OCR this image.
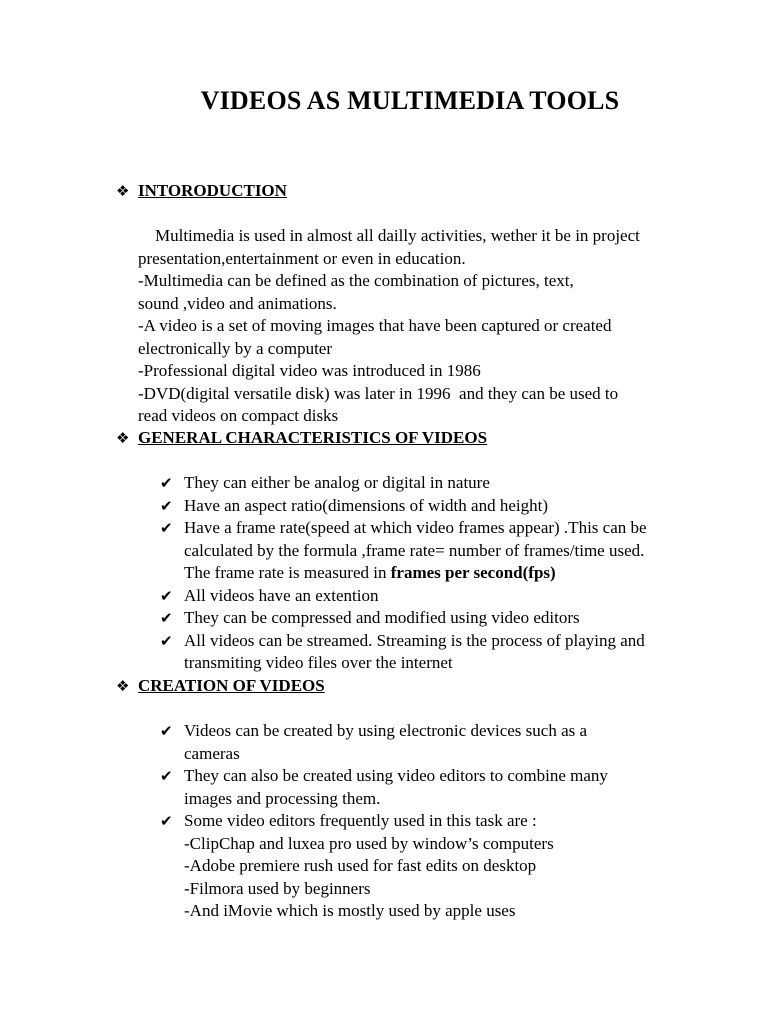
VIDEOS AS MULTIMEDIA TOOLS
❖ INTORODUCTION
Multimedia is used in almost all dailly activities, wether it be in project
presentation,entertainment or even in education.
-Multimedia can be defined as the combination of pictures, text,
sound ,video and animations.
-A video is a set of moving images that have been captured or created
electronically by a computer
-Professional digital video was introduced in 1986
-DVD(digital versatile disk) was later in 1996  and they can be used to
read videos on compact disks
❖ GENERAL CHARACTERISTICS OF VIDEOS
✔ They can either be analog or digital in nature
✔ Have an aspect ratio(dimensions of width and height)
✔ Have a frame rate(speed at which video frames appear) .This can be
calculated by the formula ,frame rate= number of frames/time used.
The frame rate is measured in frames per second(fps)
✔ All videos have an extention
✔ They can be compressed and modified using video editors
✔ All videos can be streamed. Streaming is the process of playing and
transmiting video files over the internet
❖ CREATION OF VIDEOS
✔ Videos can be created by using electronic devices such as a
cameras
✔ They can also be created using video editors to combine many
images and processing them.
✔ Some video editors frequently used in this task are :
-ClipChap and luxea pro used by window’s computers
-Adobe premiere rush used for fast edits on desktop
-Filmora used by beginners
-And iMovie which is mostly used by apple uses
